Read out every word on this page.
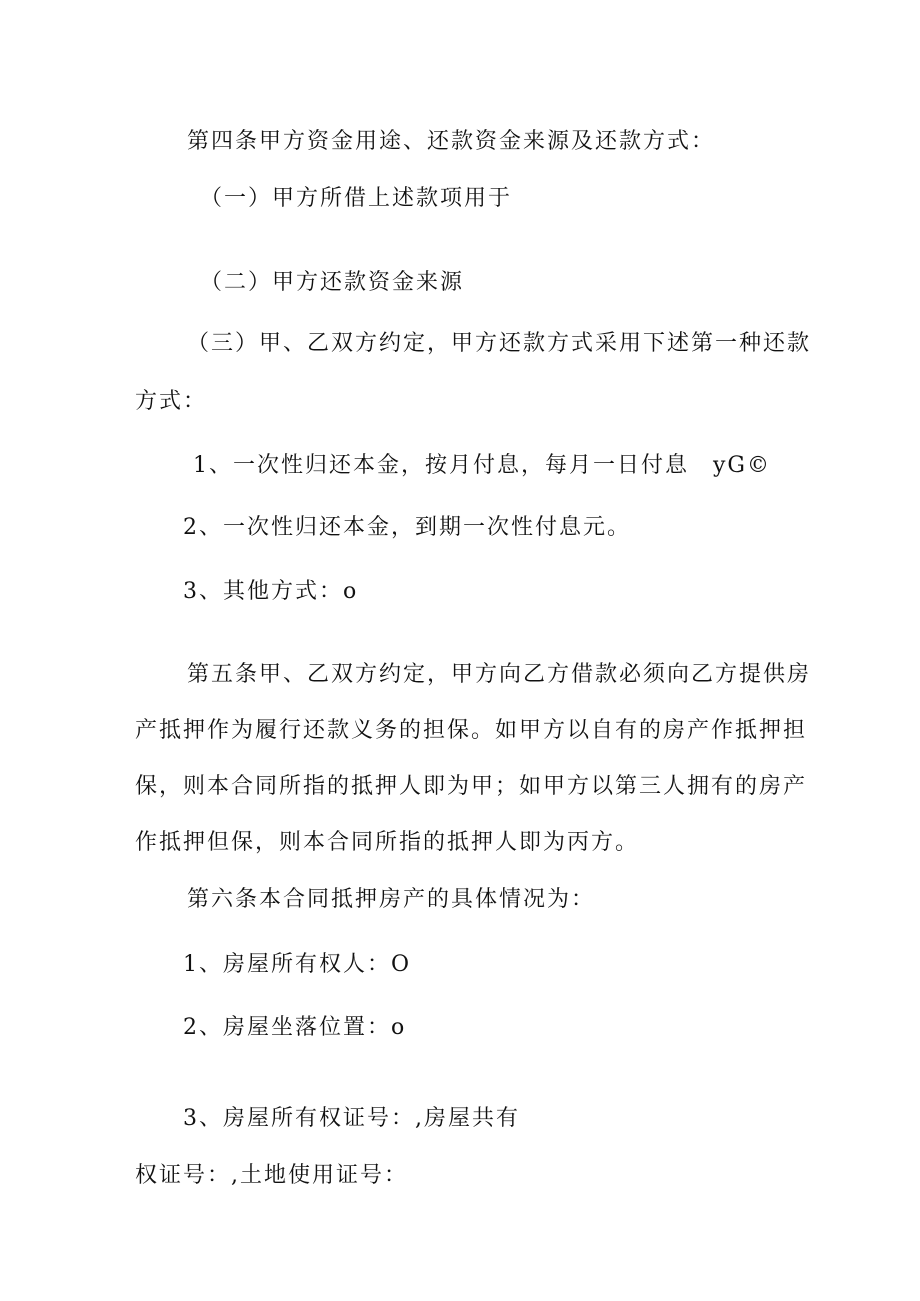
第四条甲方资金用途、还款资金来源及还款方式：
（一）甲方所借上述款项用于
（二）甲方还款资金来源
（三）甲、乙双方约定，甲方还款方式采用下述第一种还款
方式：
1、一次性归还本金，按月付息，每月一日付息　yG©
2、一次性归还本金，到期一次性付息元。
3、其他方式：o
第五条甲、乙双方约定，甲方向乙方借款必须向乙方提供房
产抵押作为履行还款义务的担保。如甲方以自有的房产作抵押担
保，则本合同所指的抵押人即为甲；如甲方以第三人拥有的房产
作抵押但保，则本合同所指的抵押人即为丙方。
第六条本合同抵押房产的具体情况为：
1、房屋所有权人：O
2、房屋坐落位置：o
3、房屋所有权证号：,房屋共有
权证号：,土地使用证号：
